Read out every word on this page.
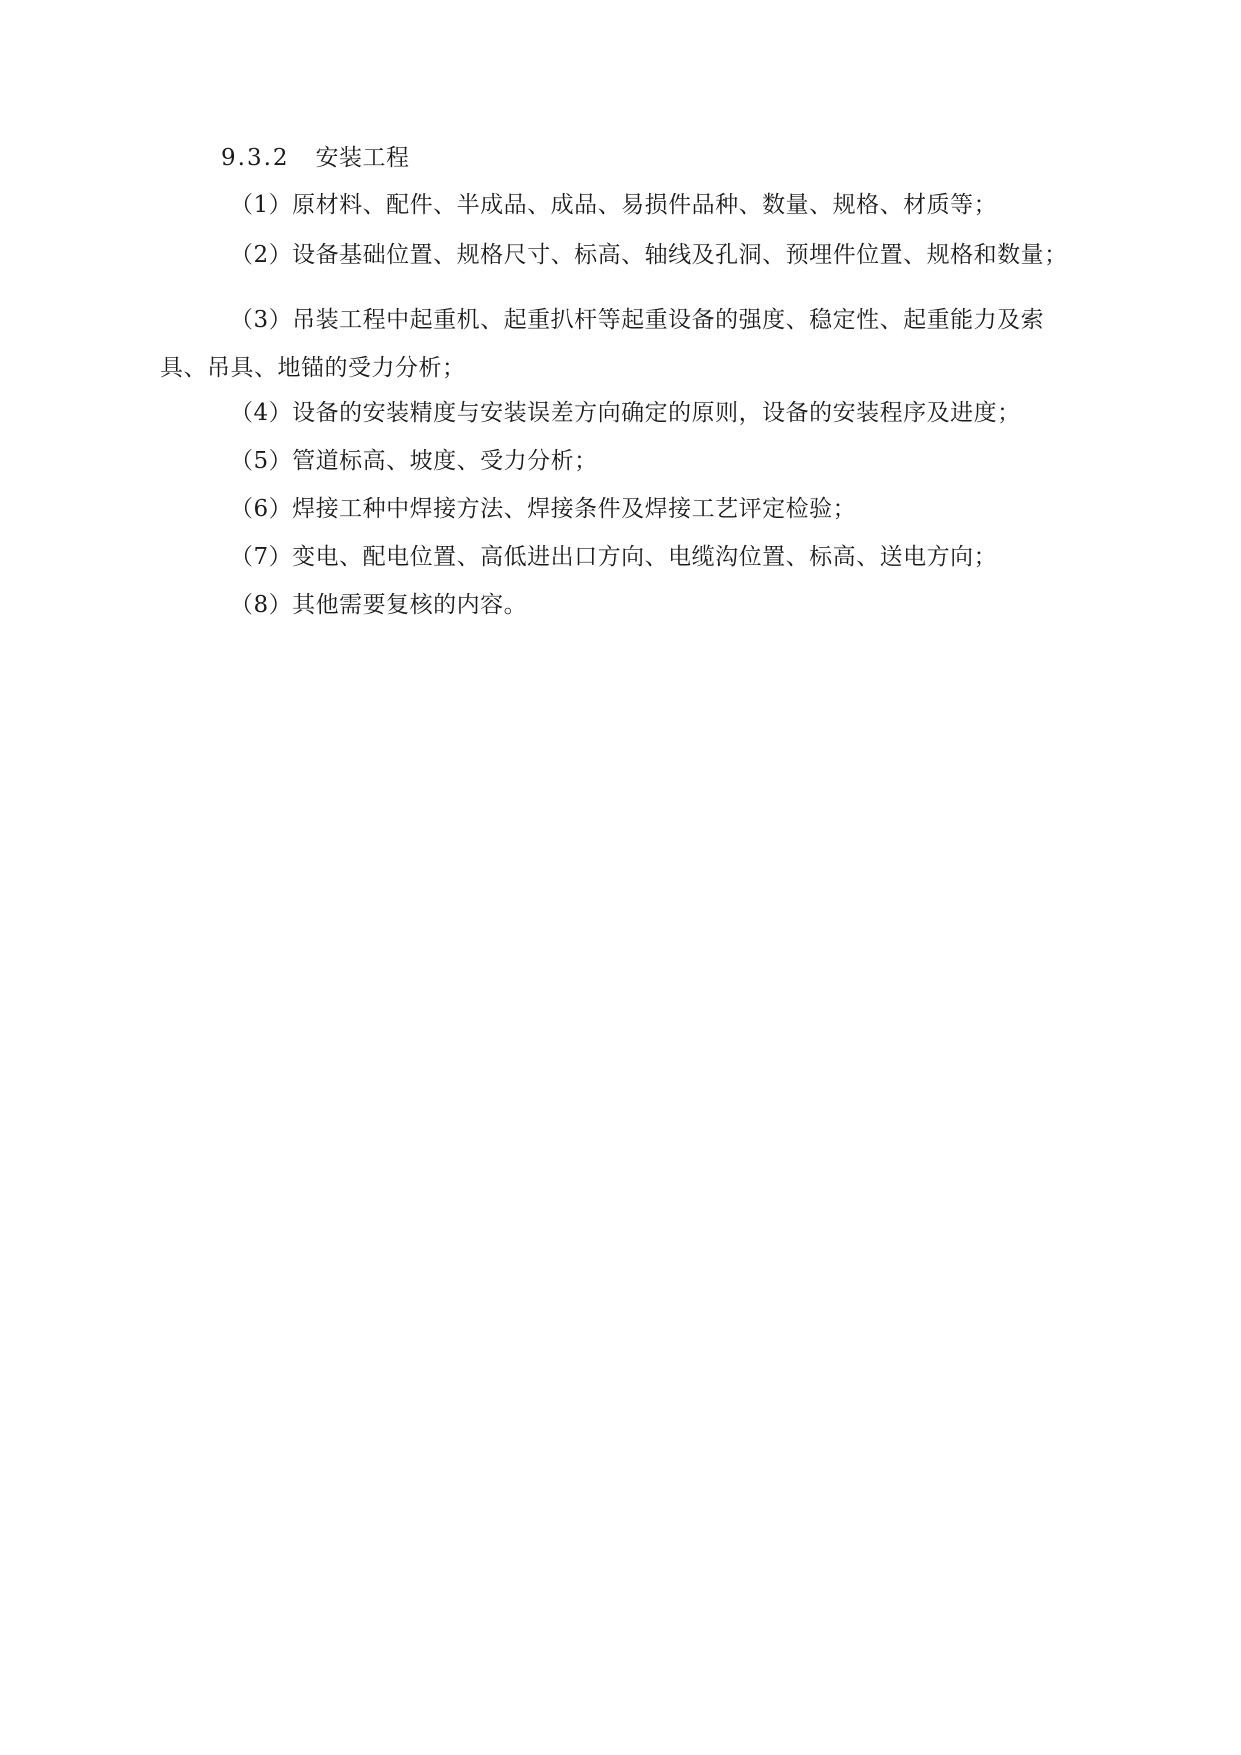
9.3.2 安装工程
（1）原材料、配件、半成品、成品、易损件品种、数量、规格、材质等；
（2）设备基础位置、规格尺寸、标高、轴线及孔洞、预埋件位置、规格和数量；
（3）吊装工程中起重机、起重扒杆等起重设备的强度、稳定性、起重能力及索具、吊具、地锚的受力分析；
（4）设备的安装精度与安装误差方向确定的原则，设备的安装程序及进度；
（5）管道标高、坡度、受力分析；
（6）焊接工种中焊接方法、焊接条件及焊接工艺评定检验；
（7）变电、配电位置、高低进出口方向、电缆沟位置、标高、送电方向；
（8）其他需要复核的内容。
